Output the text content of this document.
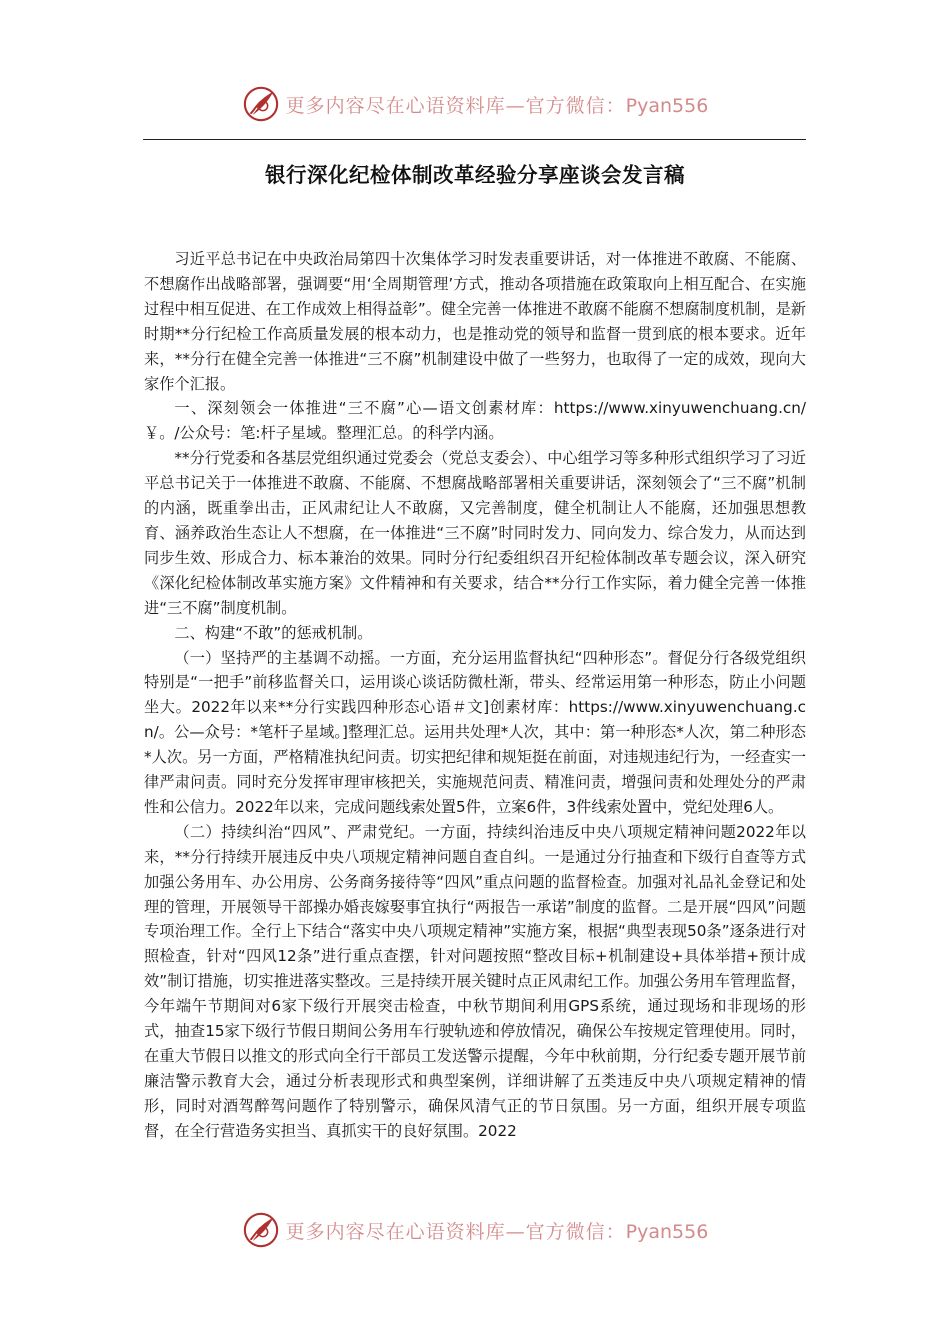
更多内容尽在心语资料库—官方微信：Pyan556
银行深化纪检体制改革经验分享座谈会发言稿

习近平总书记在中央政治局第四十次集体学习时发表重要讲话，对一体推进不敢腐、不能腐、不想腐作出战略部署，强调要“用‘全周期管理’方式，推动各项措施在政策取向上相互配合、在实施过程中相互促进、在工作成效上相得益彰”。健全完善一体推进不敢腐不能腐不想腐制度机制，是新时期**分行纪检工作高质量发展的根本动力，也是推动党的领导和监督一贯到底的根本要求。近年来，**分行在健全完善一体推进“三不腐”机制建设中做了一些努力，也取得了一定的成效，现向大家作个汇报。

一、深刻领会一体推进“三不腐”心—语文创素材库：https://www.xinyuwenchuang.cn/￥。/公众号：笔:杆子星域。整理汇总。的科学内涵。

**分行党委和各基层党组织通过党委会（党总支委会）、中心组学习等多种形式组织学习了习近平总书记关于一体推进不敢腐、不能腐、不想腐战略部署相关重要讲话，深刻领会了“三不腐”机制的内涵，既重拳出击，正风肃纪让人不敢腐，又完善制度，健全机制让人不能腐，还加强思想教育、涵养政治生态让人不想腐，在一体推进“三不腐”时同时发力、同向发力、综合发力，从而达到同步生效、形成合力、标本兼治的效果。同时分行纪委组织召开纪检体制改革专题会议，深入研究《深化纪检体制改革实施方案》文件精神和有关要求，结合**分行工作实际，着力健全完善一体推进“三不腐”制度机制。

二、构建“不敢”的惩戒机制。

（一）坚持严的主基调不动摇。一方面，充分运用监督执纪“四种形态”。督促分行各级党组织特别是“一把手”前移监督关口，运用谈心谈话防微杜渐，带头、经常运用第一种形态，防止小问题坐大。2022年以来**分行实践四种形态心语＃文]创素材库：https://www.xinyuwenchuang.cn/。公—众号：*笔杆子星域。]整理汇总。运用共处理*人次，其中：第一种形态*人次，第二种形态*人次。另一方面，严格精准执纪问责。切实把纪律和规矩挺在前面，对违规违纪行为，一经查实一律严肃问责。同时充分发挥审理审核把关，实施规范问责、精准问责，增强问责和处理处分的严肃性和公信力。2022年以来，完成问题线索处置5件，立案6件，3件线索处置中，党纪处理6人。

（二）持续纠治“四风”、严肃党纪。一方面，持续纠治违反中央八项规定精神问题2022年以来，**分行持续开展违反中央八项规定精神问题自查自纠。一是通过分行抽查和下级行自查等方式加强公务用车、办公用房、公务商务接待等“四风”重点问题的监督检查。加强对礼品礼金登记和处理的管理，开展领导干部操办婚丧嫁娶事宜执行“两报告一承诺”制度的监督。二是开展“四风”问题专项治理工作。全行上下结合“落实中央八项规定精神”实施方案，根据“典型表现50条”逐条进行对照检查，针对“四风12条”进行重点查摆，针对问题按照“整改目标+机制建设+具体举措+预计成效”制订措施，切实推进落实整改。三是持续开展关键时点正风肃纪工作。加强公务用车管理监督，今年端午节期间对6家下级行开展突击检查，中秋节期间利用GPS系统，通过现场和非现场的形式，抽查15家下级行节假日期间公务用车行驶轨迹和停放情况，确保公车按规定管理使用。同时，在重大节假日以推文的形式向全行干部员工发送警示提醒，今年中秋前期，分行纪委专题开展节前廉洁警示教育大会，通过分析表现形式和典型案例，详细讲解了五类违反中央八项规定精神的情形，同时对酒驾醉驾问题作了特别警示，确保风清气正的节日氛围。另一方面，组织开展专项监督，在全行营造务实担当、真抓实干的良好氛围。2022

更多内容尽在心语资料库—官方微信：Pyan556
